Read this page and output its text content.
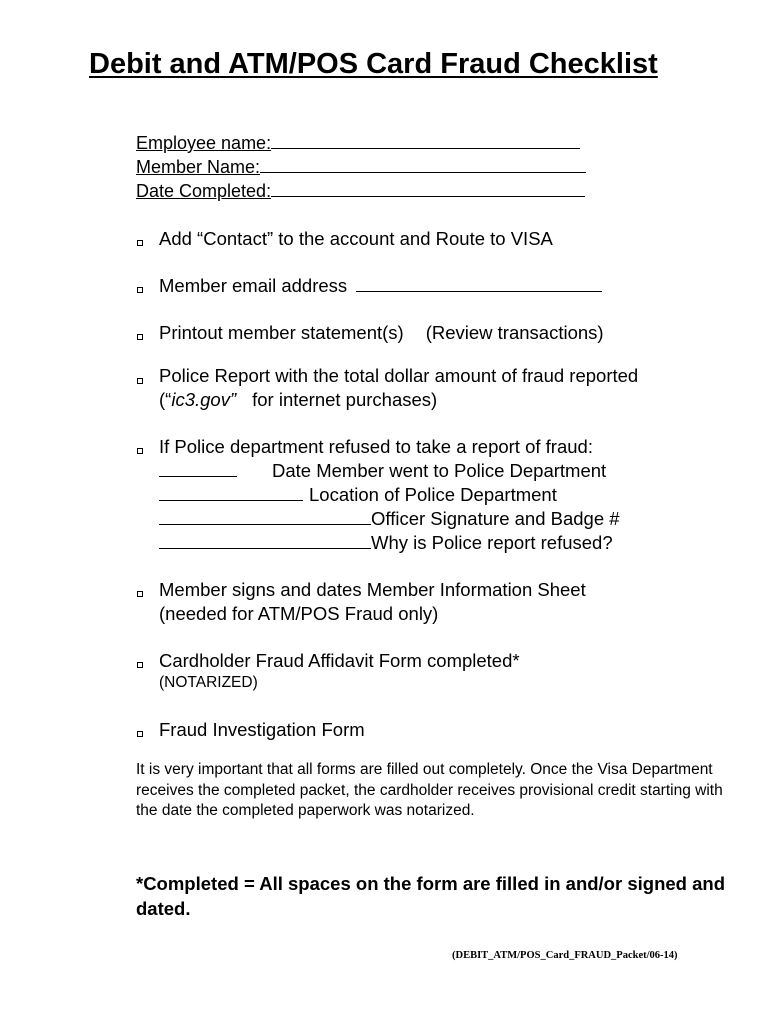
Debit and ATM/POS Card Fraud Checklist
Employee name:
Member Name:
Date Completed:
Add “Contact” to the account and Route to VISA
Member email address
Printout member statement(s) (Review transactions)
Police Report with the total dollar amount of fraud reported
(“ic3.gov” for internet purchases)
If Police department refused to take a report of fraud:
Date Member went to Police Department
Location of Police Department
Officer Signature and Badge #
Why is Police report refused?
Member signs and dates Member Information Sheet
(needed for ATM/POS Fraud only)
Cardholder Fraud Affidavit Form completed*
(NOTARIZED)
Fraud Investigation Form
It is very important that all forms are filled out completely. Once the Visa Department receives the completed packet, the cardholder receives provisional credit starting with the date the completed paperwork was notarized.
*Completed = All spaces on the form are filled in and/or signed and dated.
(DEBIT_ATM/POS_Card_FRAUD_Packet/06-14)
